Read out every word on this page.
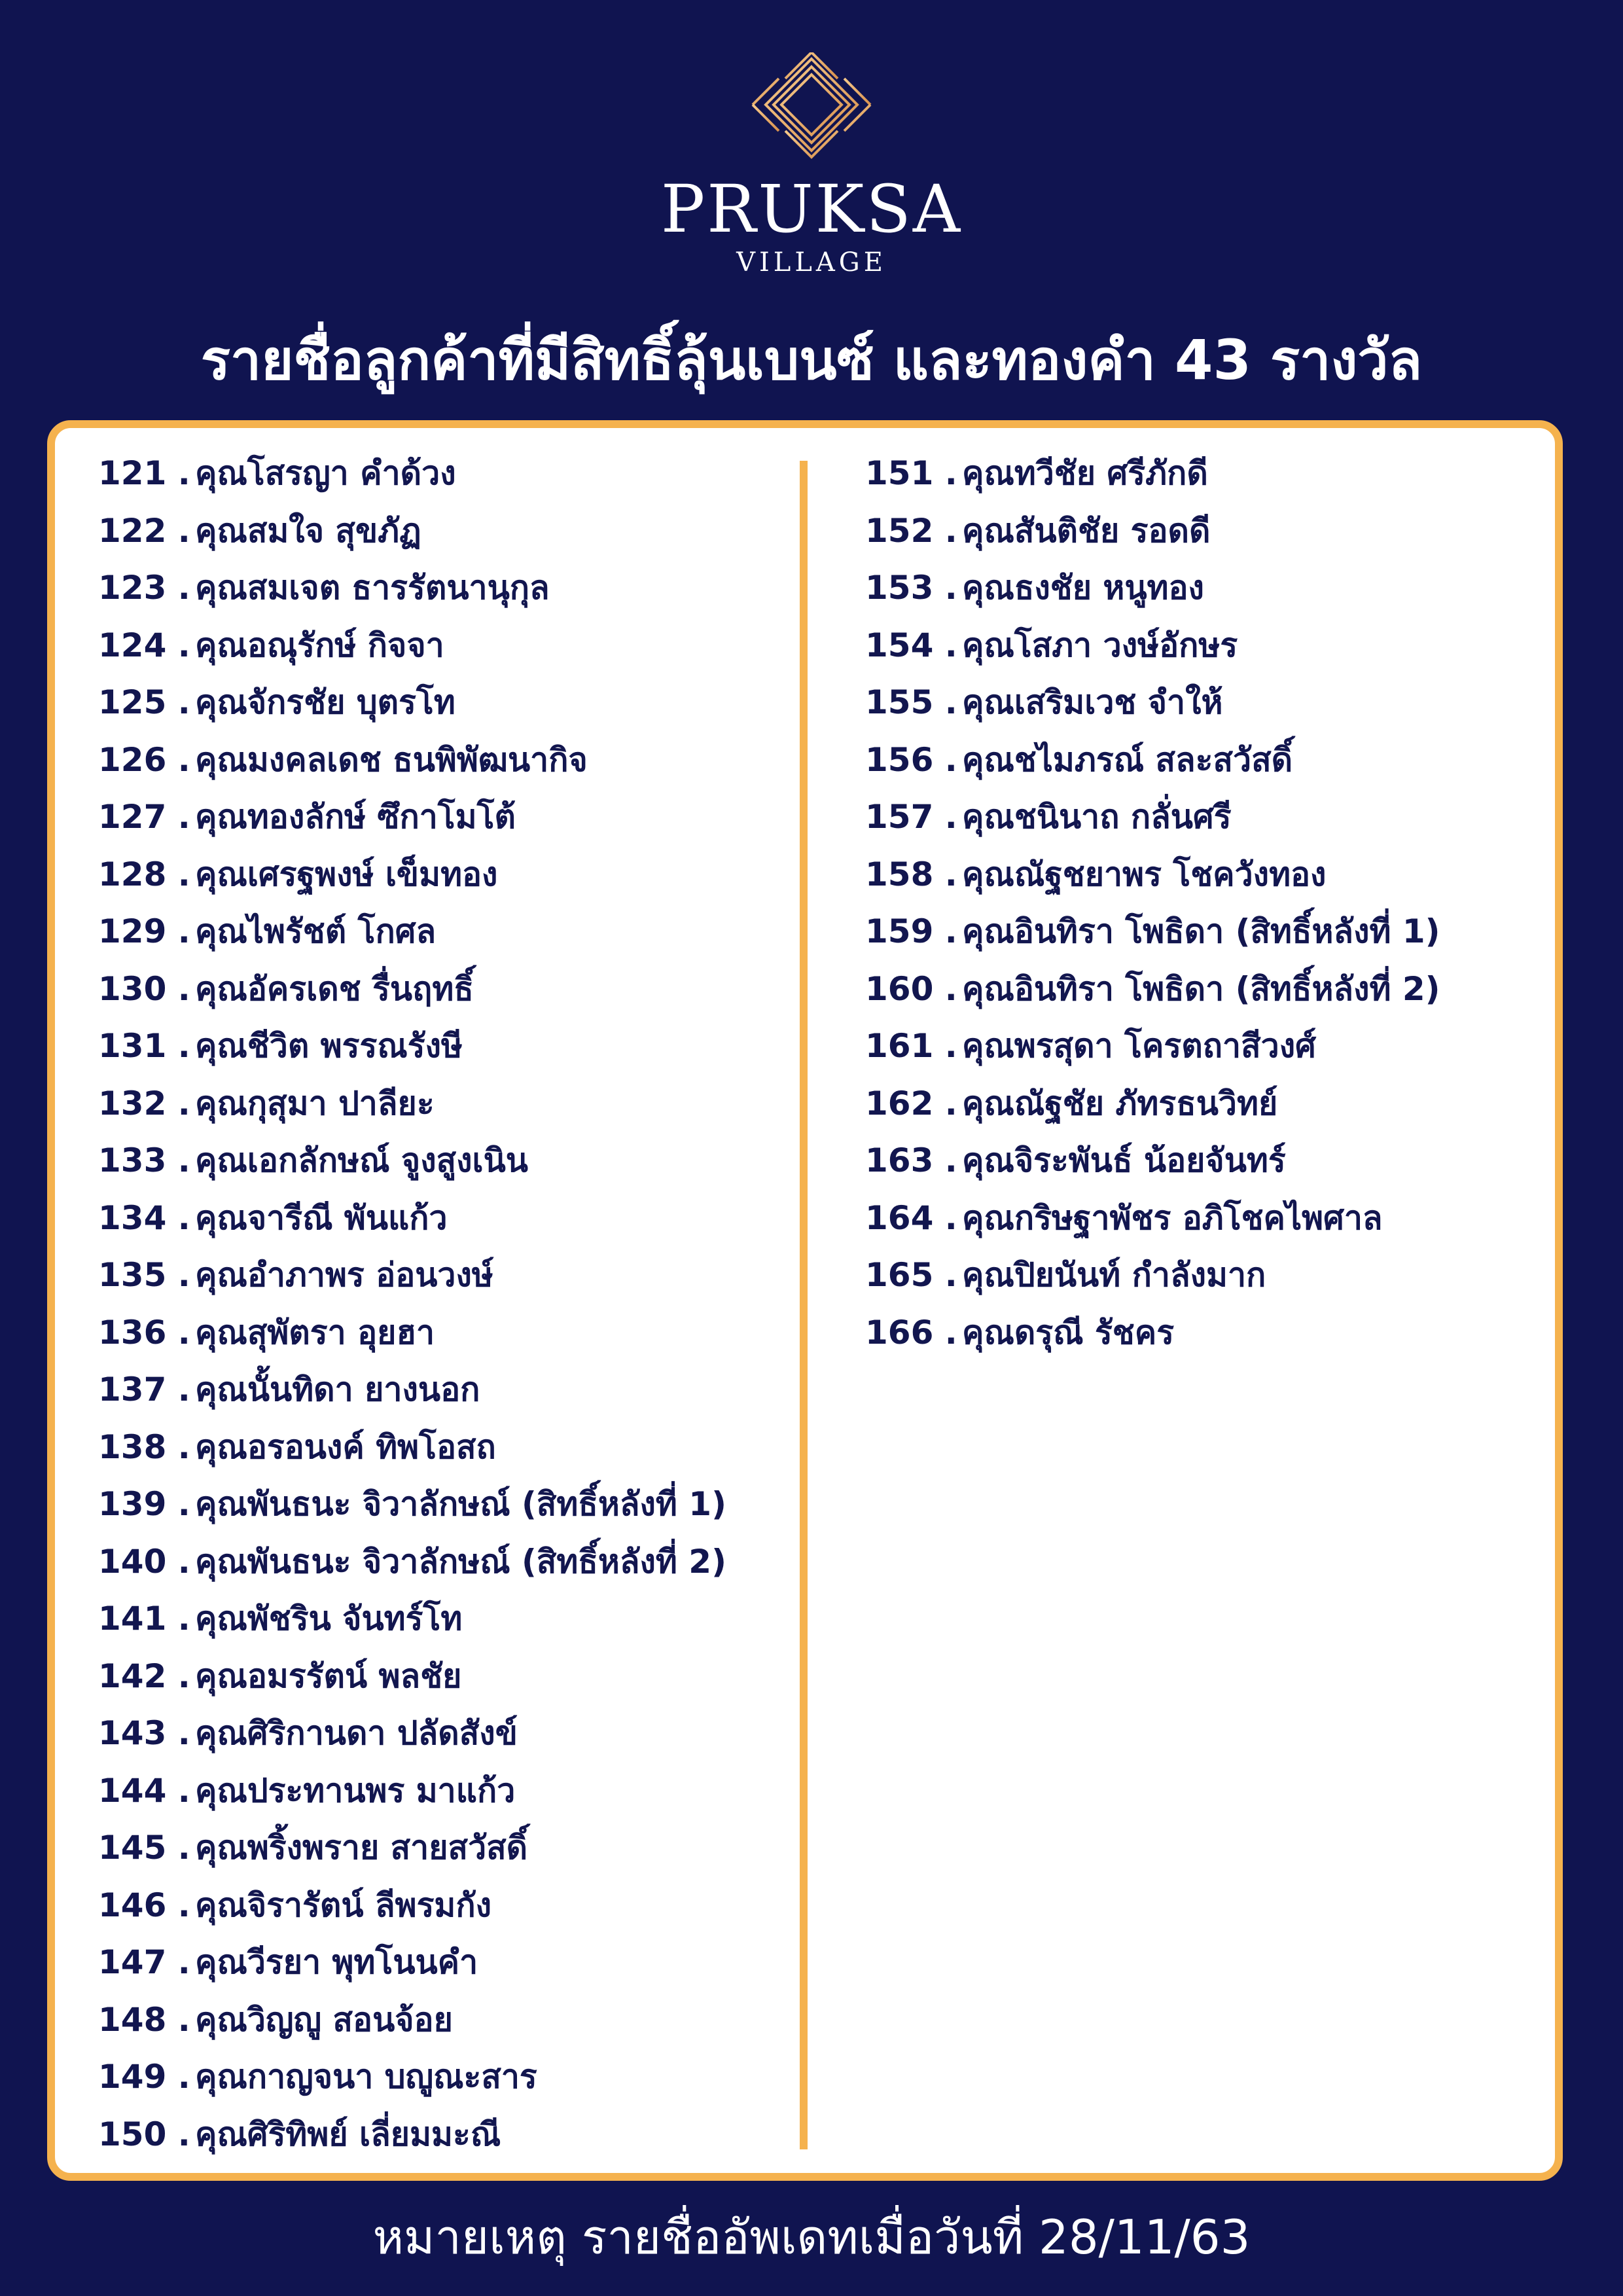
PRUKSA
VILLAGE
รายชื่อลูกค้าที่มีสิทธิ์ลุ้นเบนซ์ และทองคำ 43 รางวัล
121 . คุณโสรญา คำด้วง
122 . คุณสมใจ สุขภัฏ
123 . คุณสมเจต ธารรัตนานุกุล
124 . คุณอณุรักษ์ กิจจา
125 . คุณจักรชัย บุตรโท
126 . คุณมงคลเดช ธนพิพัฒนากิจ
127 . คุณทองลักษ์ ซึกาโมโต้
128 . คุณเศรฐพงษ์ เข็มทอง
129 . คุณไพรัชต์ โกศล
130 . คุณอัครเดช รื่นฤทธิ์
131 . คุณชีวิต พรรณรังษี
132 . คุณกุสุมา ปาลียะ
133 . คุณเอกลักษณ์ จูงสูงเนิน
134 . คุณจารีณี พันแก้ว
135 . คุณอำภาพร อ่อนวงษ์
136 . คุณสุพัตรา อุยฮา
137 . คุณนั้นทิดา ยางนอก
138 . คุณอรอนงค์ ทิพโอสถ
139 . คุณพันธนะ จิวาลักษณ์ (สิทธิ์หลังที่ 1)
140 . คุณพันธนะ จิวาลักษณ์ (สิทธิ์หลังที่ 2)
141 . คุณพัชริน จันทร์โท
142 . คุณอมรรัตน์ พลชัย
143 . คุณศิริกานดา ปลัดสังข์
144 . คุณประทานพร มาแก้ว
145 . คุณพริ้งพราย สายสวัสดิ์
146 . คุณจิรารัตน์ ลีพรมกัง
147 . คุณวีรยา พุทโนนคำ
148 . คุณวิญญู สอนจ้อย
149 . คุณกาญจนา บญูณะสาร
150 . คุณศิริทิพย์ เลี่ยมมะณี
151 . คุณทวีชัย ศรีภักดี
152 . คุณสันติชัย รอดดี
153 . คุณธงชัย หนูทอง
154 . คุณโสภา วงษ์อักษร
155 . คุณเสริมเวช จำให้
156 . คุณชไมภรณ์ สละสวัสดิ์
157 . คุณชนินาถ กลั่นศรี
158 . คุณณัฐชยาพร โชควังทอง
159 . คุณอินทิรา โพธิดา (สิทธิ์หลังที่ 1)
160 . คุณอินทิรา โพธิดา (สิทธิ์หลังที่ 2)
161 . คุณพรสุดา โครตถาสีวงศ์
162 . คุณณัฐชัย ภัทรธนวิทย์
163 . คุณจิระพันธ์ น้อยจันทร์
164 . คุณกริษฐาพัชร อภิโชคไพศาล
165 . คุณปิยนันท์ กำลังมาก
166 . คุณดรุณี รัชคร
หมายเหตุ รายชื่ออัพเดทเมื่อวันที่ 28/11/63
